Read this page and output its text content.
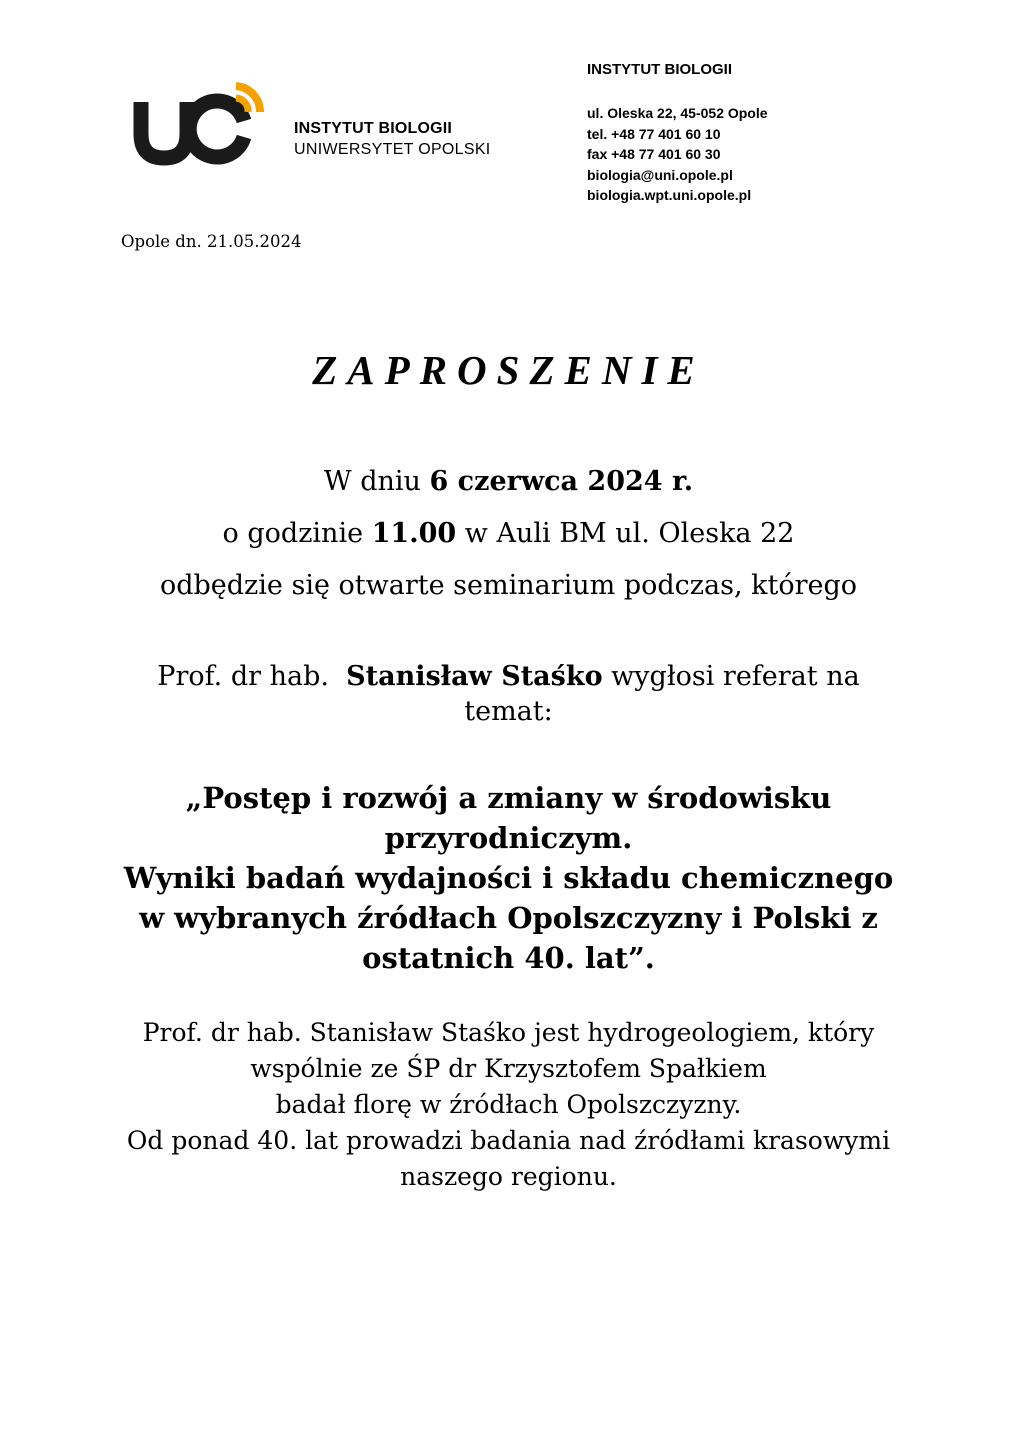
INSTYTUT BIOLOGII
UNIWERSYTET OPOLSKI
INSTYTUT BIOLOGII
ul. Oleska 22, 45-052 Opole
tel. +48 77 401 60 10
fax +48 77 401 60 30
biologia@uni.opole.pl
biologia.wpt.uni.opole.pl
Opole dn. 21.05.2024
ZAPROSZENIE
W dniu 6 czerwca 2024 r.
o godzinie 11.00 w Auli BM ul. Oleska 22
odbędzie się otwarte seminarium podczas, którego
Prof. dr hab.  Stanisław Staśko wygłosi referat na
temat:
„Postęp i rozwój a zmiany w środowisku
przyrodniczym.
Wyniki badań wydajności i składu chemicznego
w wybranych źródłach Opolszczyzny i Polski z
ostatnich 40. lat”.
Prof. dr hab. Stanisław Staśko jest hydrogeologiem, który
wspólnie ze ŚP dr Krzysztofem Spałkiem
badał florę w źródłach Opolszczyzny.
Od ponad 40. lat prowadzi badania nad źródłami krasowymi
naszego regionu.
